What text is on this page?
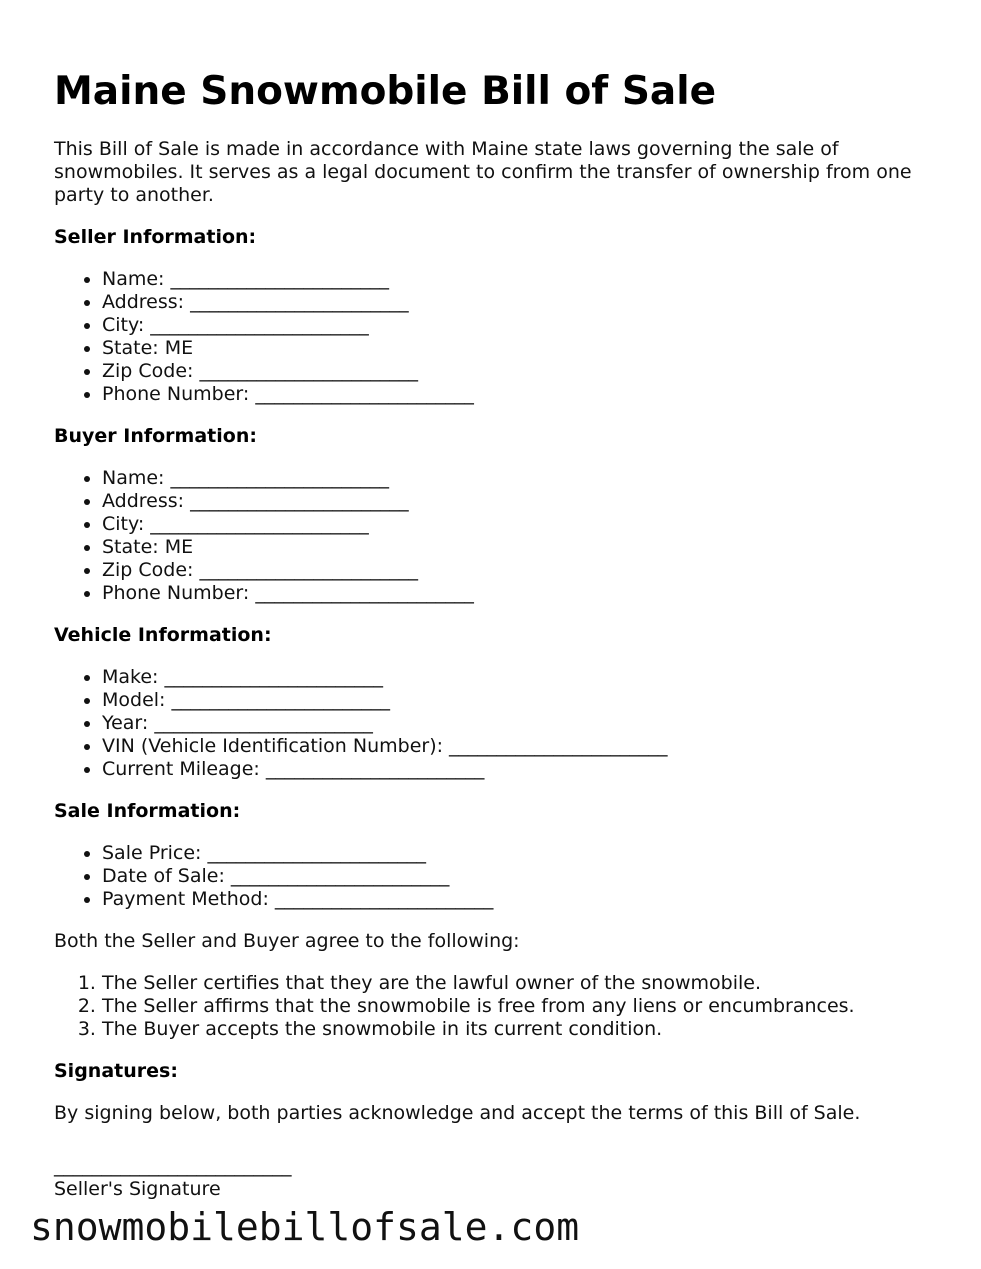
Maine Snowmobile Bill of Sale

This Bill of Sale is made in accordance with Maine state laws governing the sale of snowmobiles. It serves as a legal document to confirm the transfer of ownership from one party to another.

Seller Information:
• Name: _______________________
• Address: _______________________
• City: _______________________
• State: ME
• Zip Code: _______________________
• Phone Number: _______________________
Buyer Information:
• Name: _______________________
• Address: _______________________
• City: _______________________
• State: ME
• Zip Code: _______________________
• Phone Number: _______________________
Vehicle Information:
• Make: _______________________
• Model: _______________________
• Year: _______________________
• VIN (Vehicle Identification Number): _______________________
• Current Mileage: _______________________
Sale Information:
• Sale Price: _______________________
• Date of Sale: _______________________
• Payment Method: _______________________

Both the Seller and Buyer agree to the following:

1. The Seller certifies that they are the lawful owner of the snowmobile.
2. The Seller affirms that the snowmobile is free from any liens or encumbrances.
3. The Buyer accepts the snowmobile in its current condition.
Signatures:

By signing below, both parties acknowledge and accept the terms of this Bill of Sale.

_________________________
Seller's Signature
snowmobilebillofsale.com
